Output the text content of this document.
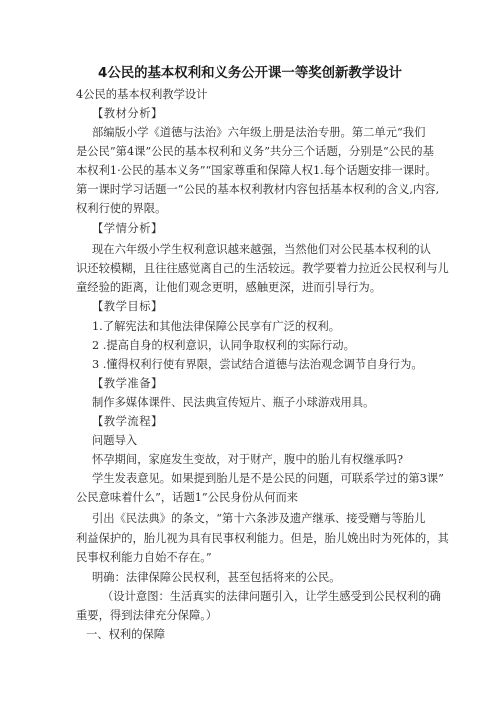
4公民的基本权利和义务公开课一等奖创新教学设计
4公民的基本权利教学设计
【教材分析】
部编版小学《道德与法治》六年级上册是法治专册。第二单元“我们
是公民”第4课”公民的基本权利和义务”共分三个话题，分别是“公民的基
本权利1·公民的基本义务”“国家尊重和保障人权1.每个话题安排一课时。
第一课时学习话题一“公民的基本权利教材内容包括基本权利的含义,内容,
权利行使的界限。
【学情分析】
现在六年级小学生权利意识越来越强，当然他们对公民基本权利的认
识还较模糊，且往往感觉离自己的生活较远。教学要着力拉近公民权利与儿
童经验的距离，让他们观念更明，感触更深，进而引导行为。
【教学目标】
1.了解宪法和其他法律保障公民享有广泛的权利。
2 .提高自身的权利意识，认同争取权利的实际行动。
3 .懂得权利行使有界限，尝试结合道德与法治观念调节自身行为。
【教学准备】
制作多媒体课件、民法典宣传短片、瓶子小球游戏用具。
【教学流程】
问题导入
怀孕期间，家庭发生变故，对于财产，腹中的胎儿有权继承吗?
学生发表意见。如果提到胎儿是不是公民的问题，可联系学过的第3课”
公民意味着什么”，话题1”公民身份从何而来
引出《民法典》的条文，“第十六条涉及遗产继承、接受赠与等胎儿
利益保护的，胎儿视为具有民事权利能力。但是，胎儿娩出时为死体的，其
民事权利能力自始不存在。”
明确：法律保障公民权利，甚至包括将来的公民。
（设计意图：生活真实的法律问题引入，让学生感受到公民权利的确
重要，得到法律充分保障。）
一、权利的保障
